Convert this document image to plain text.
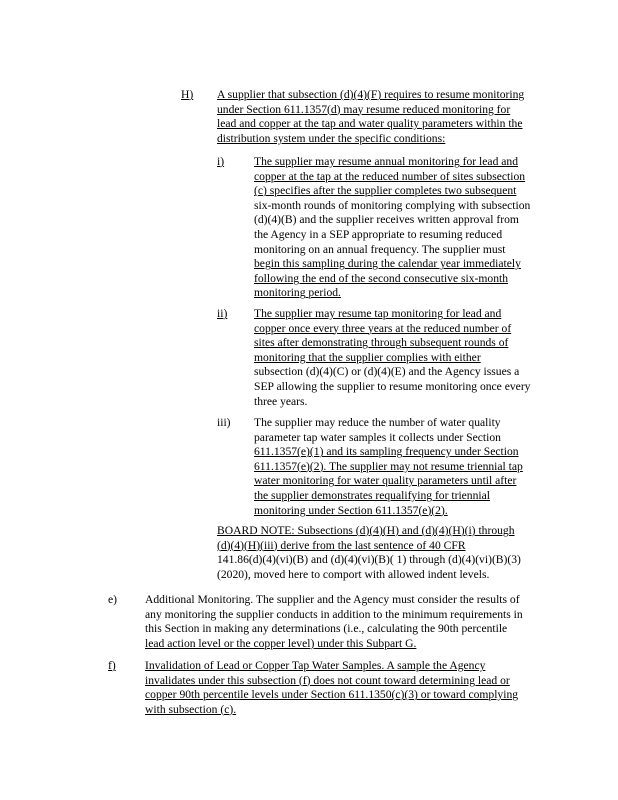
H) A supplier that subsection (d)(4)(F) requires to resume monitoring
under Section 611.1357(d) may resume reduced monitoring for
lead and copper at the tap and water quality parameters within the
distribution system under the specific conditions:
i)	The supplier may resume annual monitoring for lead and
copper at the tap at the reduced number of sites subsection
(c) specifies after the supplier completes two subsequent
six-month rounds of monitoring complying with subsection
(d)(4)(B) and the supplier receives written approval from
the Agency in a SEP appropriate to resuming reduced
monitoring on an annual frequency. The supplier must
begin this sampling during the calendar year immediately
following the end of the second consecutive six-month
monitoring period.
ii) The supplier may resume tap monitoring for lead and
copper once every three years at the reduced number of
sites after demonstrating through subsequent rounds of
monitoring that the supplier complies with either
subsection (d)(4)(C) or (d)(4)(E) and the Agency issues a
SEP allowing the supplier to resume monitoring once every
three years.
iii) The supplier may reduce the number of water quality
parameter tap water samples it collects under Section
611.1357(e)(1) and its sampling frequency under Section
611.1357(e)(2). The supplier may not resume triennial tap
water monitoring for water quality parameters until after
the supplier demonstrates requalifying for triennial
monitoring under Section 611.1357(e)(2).
BOARD NOTE: Subsections (d)(4)(H) and (d)(4)(H)(i) through
(d)(4)(H)(iii) derive from the last sentence of 40 CFR
141.86(d)(4)(vi)(B) and (d)(4)(vi)(B)( 1) through (d)(4)(vi)(B)(3)
(2020), moved here to comport with allowed indent levels.
e) Additional Monitoring. The supplier and the Agency must consider the results of
any monitoring the supplier conducts in addition to the minimum requirements in
this Section in making any determinations (i.e., calculating the 90th percentile
lead action level or the copper level) under this Subpart G.
f)	Invalidation of Lead or Copper Tap Water Samples. A sample the Agency
invalidates under this subsection (f) does not count toward determining lead or
copper 90th percentile levels under Section 611.1350(c)(3) or toward complying
with subsection (c).
